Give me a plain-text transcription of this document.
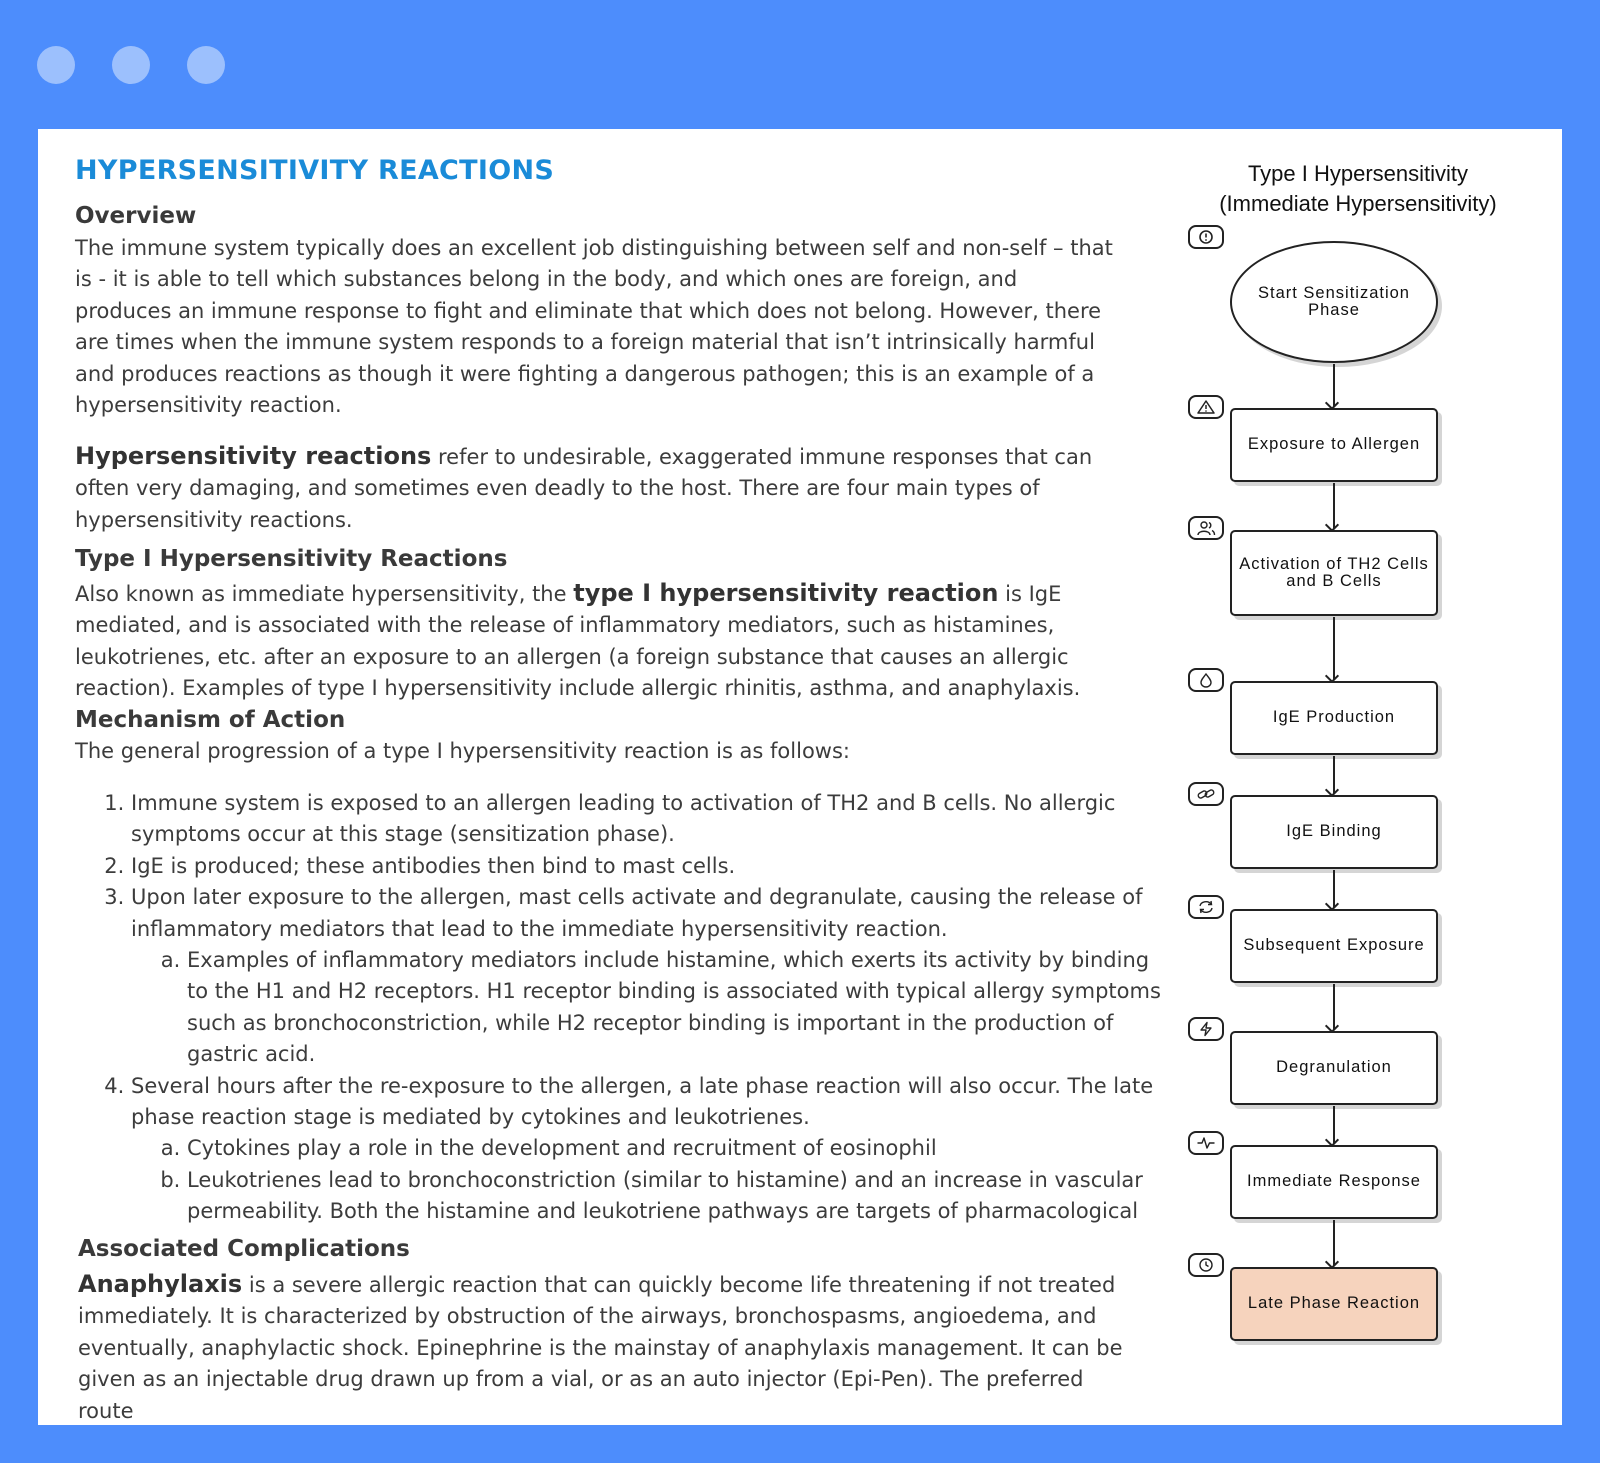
HYPERSENSITIVITY REACTIONS
Overview

The immune system typically does an excellent job distinguishing between self and non-self – that is - it is able to tell which substances belong in the body, and which ones are foreign, and produces an immune response to fight and eliminate that which does not belong. However, there are times when the immune system responds to a foreign material that isn’t intrinsically harmful and produces reactions as though it were fighting a dangerous pathogen; this is an example of a hypersensitivity reaction.

Hypersensitivity reactions refer to undesirable, exaggerated immune responses that can often very damaging, and sometimes even deadly to the host. There are four main types of hypersensitivity reactions.

Type I Hypersensitivity Reactions

Also known as immediate hypersensitivity, the type I hypersensitivity reaction is IgE mediated, and is associated with the release of inflammatory mediators, such as histamines, leukotrienes, etc. after an exposure to an allergen (a foreign substance that causes an allergic reaction). Examples of type I hypersensitivity include allergic rhinitis, asthma, and anaphylaxis.

Mechanism of Action

The general progression of a type I hypersensitivity reaction is as follows:

1. Immune system is exposed to an allergen leading to activation of TH2 and B cells. No allergic symptoms occur at this stage (sensitization phase).
2. IgE is produced; these antibodies then bind to mast cells.
3. Upon later exposure to the allergen, mast cells activate and degranulate, causing the release of inflammatory mediators that lead to the immediate hypersensitivity reaction.
a. Examples of inflammatory mediators include histamine, which exerts its activity by binding to the H1 and H2 receptors. H1 receptor binding is associated with typical allergy symptoms such as bronchoconstriction, while H2 receptor binding is important in the production of gastric acid.
4. Several hours after the re-exposure to the allergen, a late phase reaction will also occur. The late phase reaction stage is mediated by cytokines and leukotrienes.
a. Cytokines play a role in the development and recruitment of eosinophil
b. Leukotrienes lead to bronchoconstriction (similar to histamine) and an increase in vascular permeability. Both the histamine and leukotriene pathways are targets of pharmacological
Associated Complications

Anaphylaxis is a severe allergic reaction that can quickly become life threatening if not treated immediately. It is characterized by obstruction of the airways, bronchospasms, angioedema, and eventually, anaphylactic shock. Epinephrine is the mainstay of anaphylaxis management. It can be given as an injectable drug drawn up from a vial, or as an auto injector (Epi-Pen). The preferred route

Type I Hypersensitivity
(Immediate Hypersensitivity)
Start Sensitization Phase
Exposure to Allergen
Activation of TH2 Cells and B Cells
IgE Production
IgE Binding
Subsequent Exposure
Degranulation
Immediate Response
Late Phase Reaction
